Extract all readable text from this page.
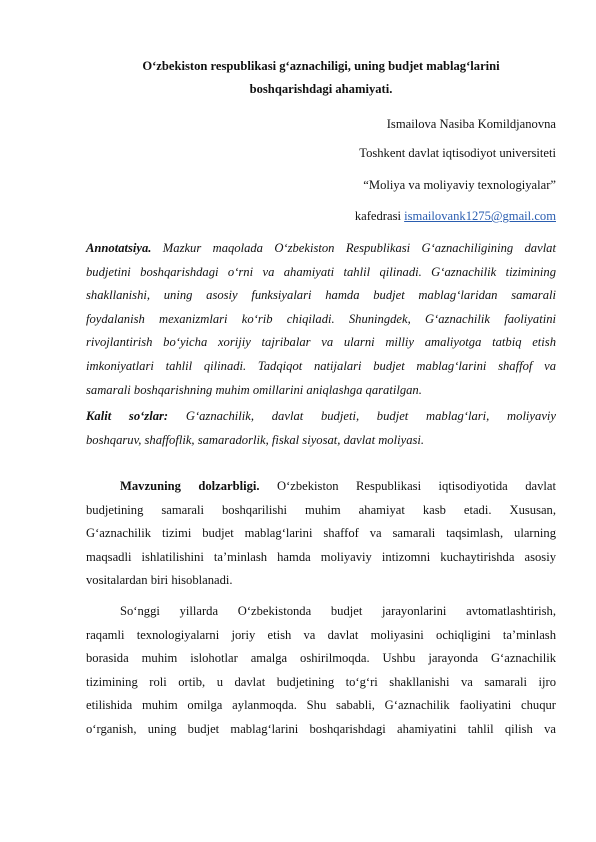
O‘zbekiston respublikasi g‘aznachiligi, uning budjet mablag‘larini
boshqarishdagi ahamiyati.
Ismailova Nasiba Komildjanovna
Toshkent davlat iqtisodiyot universiteti
“Moliya va moliyaviy texnologiyalar”
kafedrasi ismailovank1275@gmail.com
Annotatsiya. Mazkur maqolada O‘zbekiston Respublikasi G‘aznachiligining davlat
budjetini boshqarishdagi o‘rni va ahamiyati tahlil qilinadi. G‘aznachilik tizimining
shakllanishi, uning asosiy funksiyalari hamda budjet mablag‘laridan samarali
foydalanish mexanizmlari ko‘rib chiqiladi. Shuningdek, G‘aznachilik faoliyatini
rivojlantirish bo‘yicha xorijiy tajribalar va ularni milliy amaliyotga tatbiq etish
imkoniyatlari tahlil qilinadi. Tadqiqot natijalari budjet mablag‘larini shaffof va
samarali boshqarishning muhim omillarini aniqlashga qaratilgan.
Kalit so‘zlar: G‘aznachilik, davlat budjeti, budjet mablag‘lari, moliyaviy
boshqaruv, shaffoflik, samaradorlik, fiskal siyosat, davlat moliyasi.
Mavzuning dolzarbligi. O‘zbekiston Respublikasi iqtisodiyotida davlat
budjetining samarali boshqarilishi muhim ahamiyat kasb etadi. Xususan,
G‘aznachilik tizimi budjet mablag‘larini shaffof va samarali taqsimlash, ularning
maqsadli ishlatilishini ta’minlash hamda moliyaviy intizomni kuchaytirishda asosiy
vositalardan biri hisoblanadi.
So‘nggi yillarda O‘zbekistonda budjet jarayonlarini avtomatlashtirish,
raqamli texnologiyalarni joriy etish va davlat moliyasini ochiqligini ta’minlash
borasida muhim islohotlar amalga oshirilmoqda. Ushbu jarayonda G‘aznachilik
tizimining roli ortib, u davlat budjetining to‘g‘ri shakllanishi va samarali ijro
etilishida muhim omilga aylanmoqda. Shu sababli, G‘aznachilik faoliyatini chuqur
o‘rganish, uning budjet mablag‘larini boshqarishdagi ahamiyatini tahlil qilish va
